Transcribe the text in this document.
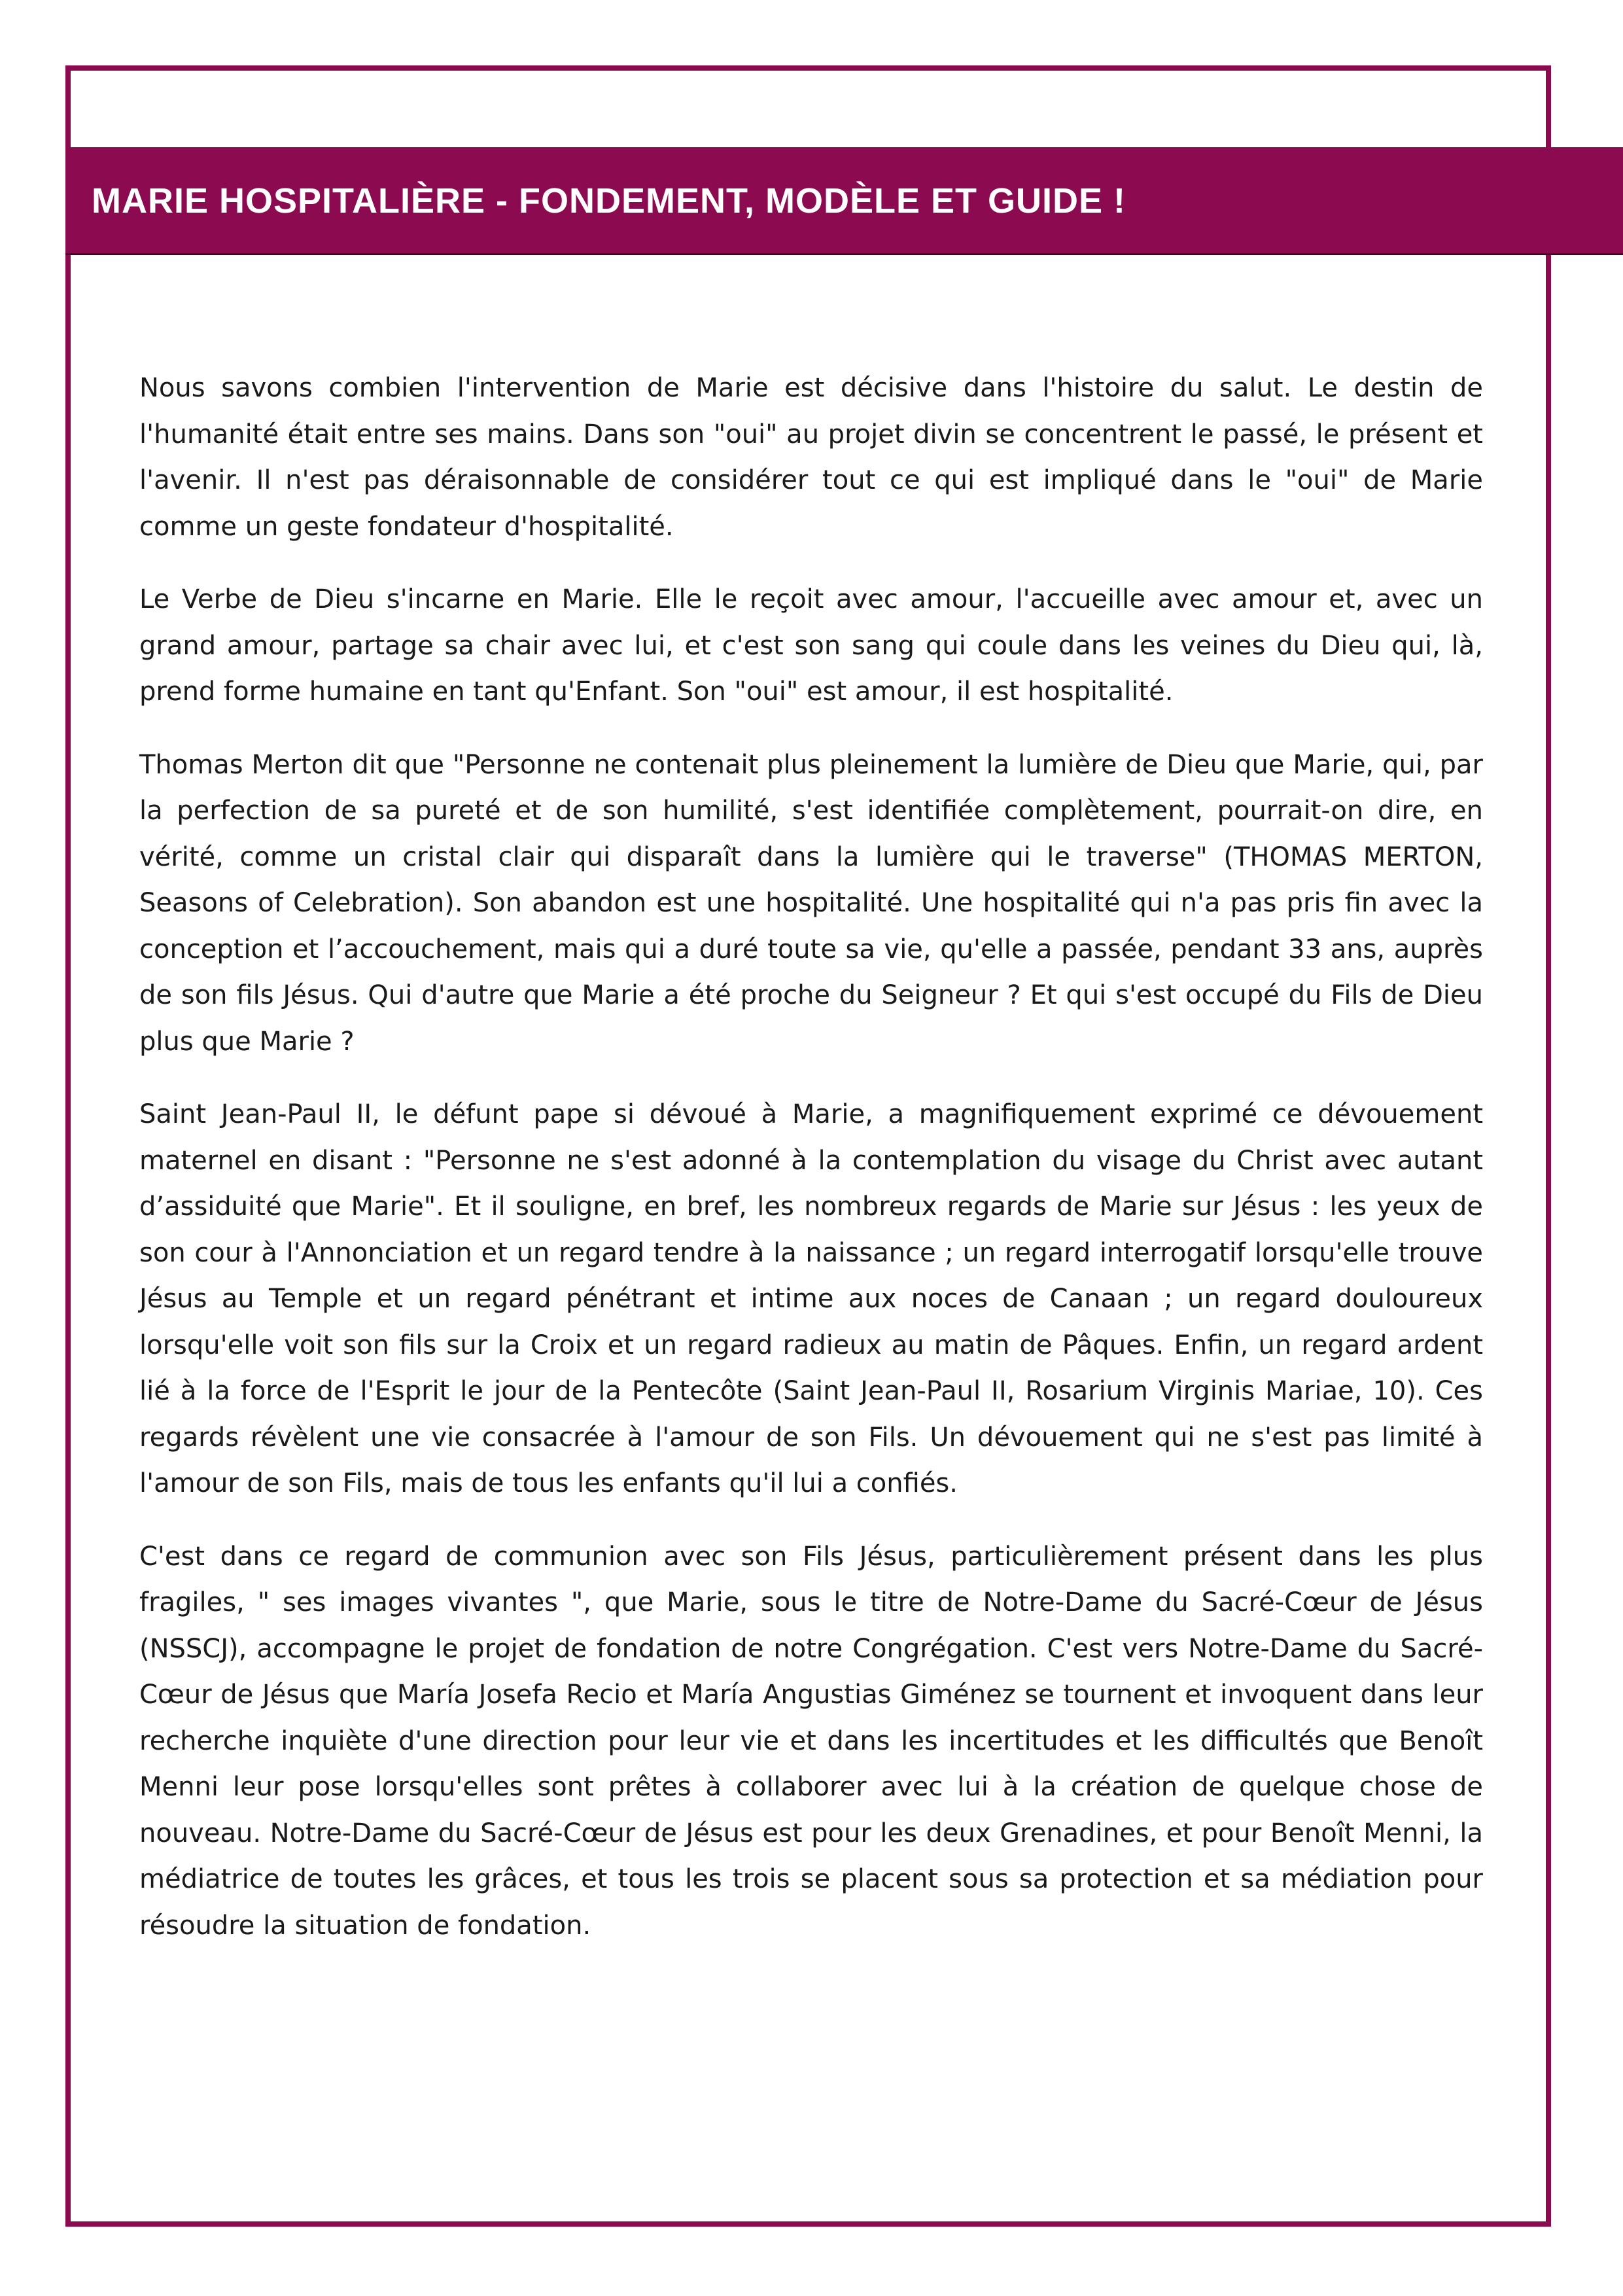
MARIE HOSPITALIÈRE - FONDEMENT, MODÈLE ET GUIDE !

Nous savons combien l'intervention de Marie est décisive dans l'histoire du salut. Le destin de l'humanité était entre ses mains. Dans son "oui" au projet divin se concentrent le passé, le présent et l'avenir. Il n'est pas déraisonnable de considérer tout ce qui est impliqué dans le "oui" de Marie comme un geste fondateur d'hospitalité.

Le Verbe de Dieu s'incarne en Marie. Elle le reçoit avec amour, l'accueille avec amour et, avec un grand amour, partage sa chair avec lui, et c'est son sang qui coule dans les veines du Dieu qui, là, prend forme humaine en tant qu'Enfant. Son "oui" est amour, il est hospitalité.

Thomas Merton dit que "Personne ne contenait plus pleinement la lumière de Dieu que Marie, qui, par la perfection de sa pureté et de son humilité, s'est identifiée complètement, pourrait-on dire, en vérité, comme un cristal clair qui disparaît dans la lumière qui le traverse" (THOMAS MERTON, Seasons of Celebration). Son abandon est une hospitalité. Une hospitalité qui n'a pas pris fin avec la conception et l’accouchement, mais qui a duré toute sa vie, qu'elle a passée, pendant 33 ans, auprès de son fils Jésus. Qui d'autre que Marie a été proche du Seigneur ? Et qui s'est occupé du Fils de Dieu plus que Marie ?

Saint Jean-Paul II, le défunt pape si dévoué à Marie, a magnifiquement exprimé ce dévouement maternel en disant : "Personne ne s'est adonné à la contemplation du visage du Christ avec autant d’assiduité que Marie". Et il souligne, en bref, les nombreux regards de Marie sur Jésus : les yeux de son cour à l'Annonciation et un regard tendre à la naissance ; un regard interrogatif lorsqu'elle trouve Jésus au Temple et un regard pénétrant et intime aux noces de Canaan ; un regard douloureux lorsqu'elle voit son fils sur la Croix et un regard radieux au matin de Pâques. Enfin, un regard ardent lié à la force de l'Esprit le jour de la Pentecôte (Saint Jean-Paul II, Rosarium Virginis Mariae, 10). Ces regards révèlent une vie consacrée à l'amour de son Fils. Un dévouement qui ne s'est pas limité à l'amour de son Fils, mais de tous les enfants qu'il lui a confiés.

C'est dans ce regard de communion avec son Fils Jésus, particulièrement présent dans les plus fragiles, " ses images vivantes ", que Marie, sous le titre de Notre-Dame du Sacré-Cœur de Jésus (NSSCJ), accompagne le projet de fondation de notre Congrégation. C'est vers Notre-Dame du Sacré-Cœur de Jésus que María Josefa Recio et María Angustias Giménez se tournent et invoquent dans leur recherche inquiète d'une direction pour leur vie et dans les incertitudes et les difficultés que Benoît Menni leur pose lorsqu'elles sont prêtes à collaborer avec lui à la création de quelque chose de nouveau. Notre-Dame du Sacré-Cœur de Jésus est pour les deux Grenadines, et pour Benoît Menni, la médiatrice de toutes les grâces, et tous les trois se placent sous sa protection et sa médiation pour résoudre la situation de fondation.
